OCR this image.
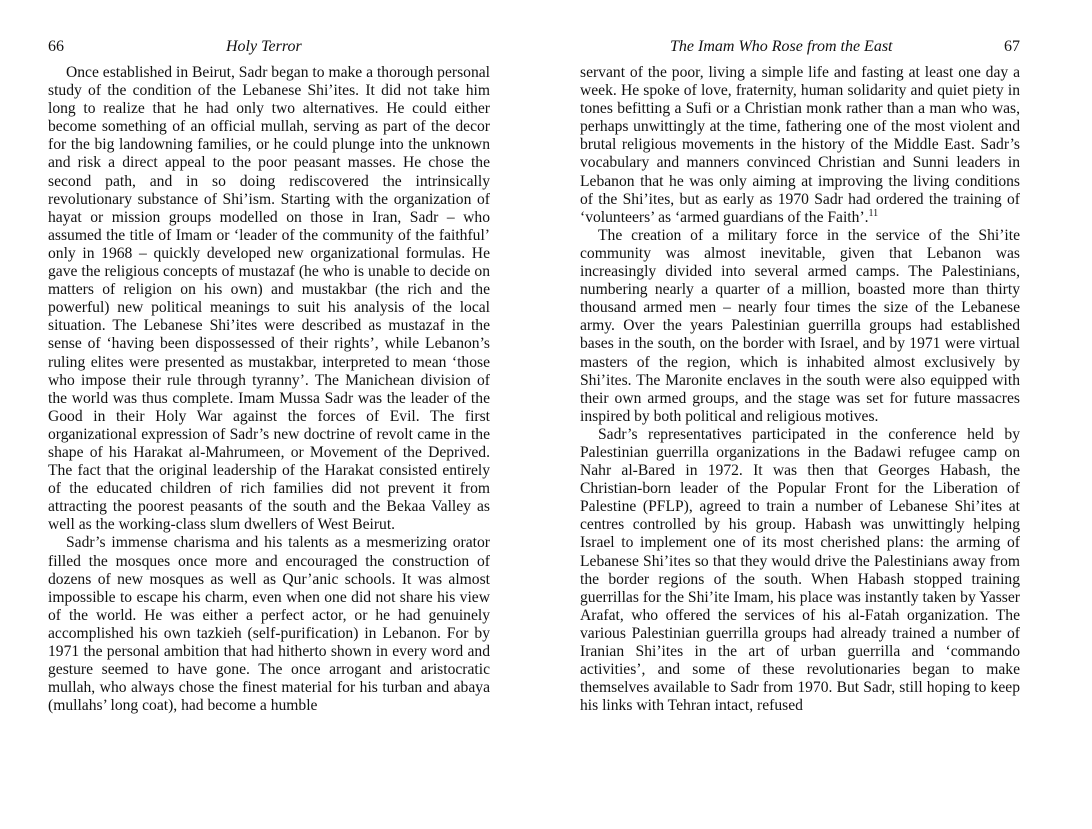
66	Holy Terror

Once established in Beirut, Sadr began to make a thorough personal study of the condition of the Lebanese Shi’ites. It did not take him long to realize that he had only two alternatives. He could either become something of an official mullah, serving as part of the decor for the big landowning families, or he could plunge into the unknown and risk a direct appeal to the poor peasant masses. He chose the second path, and in so doing rediscovered the intrinsically revolutionary substance of Shi’ism. Starting with the organization of hayat or mission groups modelled on those in Iran, Sadr – who assumed the title of Imam or ‘leader of the community of the faithful’ only in 1968 – quickly developed new organizational formulas. He gave the religious concepts of mustazaf (he who is unable to decide on matters of religion on his own) and mustakbar (the rich and the powerful) new political meanings to suit his analysis of the local situation. The Lebanese Shi’ites were described as mustazaf in the sense of ‘having been dispossessed of their rights’, while Lebanon’s ruling elites were presented as mustakbar, interpreted to mean ‘those who impose their rule through tyranny’. The Manichean division of the world was thus complete. Imam Mussa Sadr was the leader of the Good in their Holy War against the forces of Evil. The first organizational expression of Sadr’s new doctrine of revolt came in the shape of his Harakat al-Mahrumeen, or Movement of the Deprived. The fact that the original leadership of the Harakat consisted entirely of the educated children of rich families did not prevent it from attracting the poorest peasants of the south and the Bekaa Valley as well as the working-class slum dwellers of West Beirut.

Sadr’s immense charisma and his talents as a mesmerizing orator filled the mosques once more and encouraged the construction of dozens of new mosques as well as Qur’anic schools. It was almost impossible to escape his charm, even when one did not share his view of the world. He was either a perfect actor, or he had genuinely accomplished his own tazkieh (self-purification) in Lebanon. For by 1971 the personal ambition that had hitherto shown in every word and gesture seemed to have gone. The once arrogant and aristocratic mullah, who always chose the finest material for his turban and abaya (mullahs’ long coat), had become a humble

The Imam Who Rose from the East	67

servant of the poor, living a simple life and fasting at least one day a week. He spoke of love, fraternity, human solidarity and quiet piety in tones befitting a Sufi or a Christian monk rather than a man who was, perhaps unwittingly at the time, fathering one of the most violent and brutal religious movements in the history of the Middle East. Sadr’s vocabulary and manners convinced Christian and Sunni leaders in Lebanon that he was only aiming at improving the living conditions of the Shi’ites, but as early as 1970 Sadr had ordered the training of ‘volunteers’ as ‘armed guardians of the Faith’.$^{11}$

The creation of a military force in the service of the Shi’ite community was almost inevitable, given that Lebanon was increasingly divided into several armed camps. The Palestinians, numbering nearly a quarter of a million, boasted more than thirty thousand armed men – nearly four times the size of the Lebanese army. Over the years Palestinian guerrilla groups had established bases in the south, on the border with Israel, and by 1971 were virtual masters of the region, which is inhabited almost exclusively by Shi’ites. The Maronite enclaves in the south were also equipped with their own armed groups, and the stage was set for future massacres inspired by both political and religious motives.

Sadr’s representatives participated in the conference held by Palestinian guerrilla organizations in the Badawi refugee camp on Nahr al-Bared in 1972. It was then that Georges Habash, the Christian-born leader of the Popular Front for the Liberation of Palestine (PFLP), agreed to train a number of Lebanese Shi’ites at centres controlled by his group. Habash was unwittingly helping Israel to implement one of its most cherished plans: the arming of Lebanese Shi’ites so that they would drive the Palestinians away from the border regions of the south. When Habash stopped training guerrillas for the Shi’ite Imam, his place was instantly taken by Yasser Arafat, who offered the services of his al-Fatah organization. The various Palestinian guerrilla groups had already trained a number of Iranian Shi’ites in the art of urban guerrilla and ‘commando activities’, and some of these revolutionaries began to make themselves available to Sadr from 1970. But Sadr, still hoping to keep his links with Tehran intact, refused
